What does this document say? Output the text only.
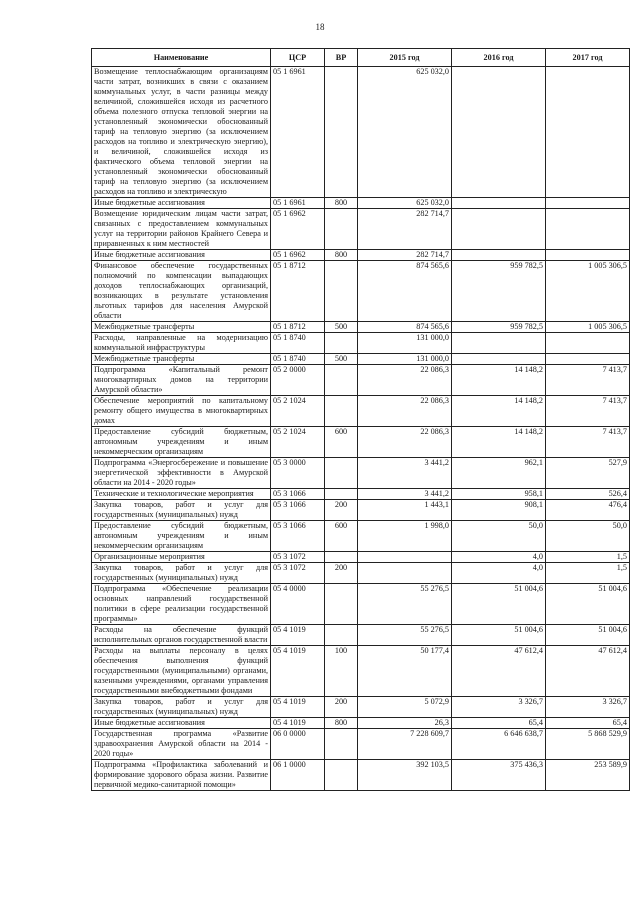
18
Наименование	ЦСР	ВР	2015 год	2016 год	2017 год
Возмещение теплоснабжающим организациям части затрат, возникших в связи с оказанием коммунальных услуг, в части разницы между величиной, сложившейся исходя из расчетного объема полезного отпуска тепловой энергии на установленный экономически обоснованный тариф на тепловую энергию (за исключением расходов на топливо и электрическую энергию), и величиной, сложившейся исходя из фактического объема тепловой энергии на установленный экономически обоснованный тариф на тепловую энергию (за исключением расходов на топливо и электрическую	05 1 6961		625 032,0		
Иные бюджетные ассигнования	05 1 6961	800	625 032,0		
Возмещение юридическим лицам части затрат, связанных с предоставлением коммунальных услуг на территории районов Крайнего Севера и приравненных к ним местностей	05 1 6962		282 714,7		
Иные бюджетные ассигнования	05 1 6962	800	282 714,7		
Финансовое обеспечение государственных полномочий по компенсации выпадающих доходов теплоснабжающих организаций, возникающих в результате установления льготных тарифов для населения Амурской области	05 1 8712		874 565,6	959 782,5	1 005 306,5
Межбюджетные трансферты	05 1 8712	500	874 565,6	959 782,5	1 005 306,5
Расходы, направленные на модернизацию коммунальной инфраструктуры	05 1 8740		131 000,0		
Межбюджетные трансферты	05 1 8740	500	131 000,0		
Подпрограмма «Капитальный ремонт многоквартирных домов на территории Амурской области»	05 2 0000		22 086,3	14 148,2	7 413,7
Обеспечение мероприятий по капитальному ремонту общего имущества в многоквартирных домах	05 2 1024		22 086,3	14 148,2	7 413,7
Предоставление субсидий бюджетным, автономным учреждениям и иным некоммерческим организациям	05 2 1024	600	22 086,3	14 148,2	7 413,7
Подпрограмма «Энергосбережение и повышение энергетической эффективности в Амурской области на 2014 - 2020 годы»	05 3 0000		3 441,2	962,1	527,9
Технические и технологические мероприятия	05 3 1066		3 441,2	958,1	526,4
Закупка товаров, работ и услуг для государственных (муниципальных) нужд	05 3 1066	200	1 443,1	908,1	476,4
Предоставление субсидий бюджетным, автономным учреждениям и иным некоммерческим организациям	05 3 1066	600	1 998,0	50,0	50,0
Организационные мероприятия	05 3 1072			4,0	1,5
Закупка товаров, работ и услуг для государственных (муниципальных) нужд	05 3 1072	200		4,0	1,5
Подпрограмма «Обеспечение реализации основных направлений государственной политики в сфере реализации государственной программы»	05 4 0000		55 276,5	51 004,6	51 004,6
Расходы на обеспечение функций исполнительных органов государственной власти	05 4 1019		55 276,5	51 004,6	51 004,6
Расходы на выплаты персоналу в целях обеспечения выполнения функций государственными (муниципальными) органами, казенными учреждениями, органами управления государственными внебюджетными фондами	05 4 1019	100	50 177,4	47 612,4	47 612,4
Закупка товаров, работ и услуг для государственных (муниципальных) нужд	05 4 1019	200	5 072,9	3 326,7	3 326,7
Иные бюджетные ассигнования	05 4 1019	800	26,3	65,4	65,4
Государственная программа «Развитие здравоохранения Амурской области на 2014 - 2020 годы»	06 0 0000		7 228 609,7	6 646 638,7	5 868 529,9
Подпрограмма «Профилактика заболеваний и формирование здорового образа жизни. Развитие первичной медико-санитарной помощи»	06 1 0000		392 103,5	375 436,3	253 589,9
